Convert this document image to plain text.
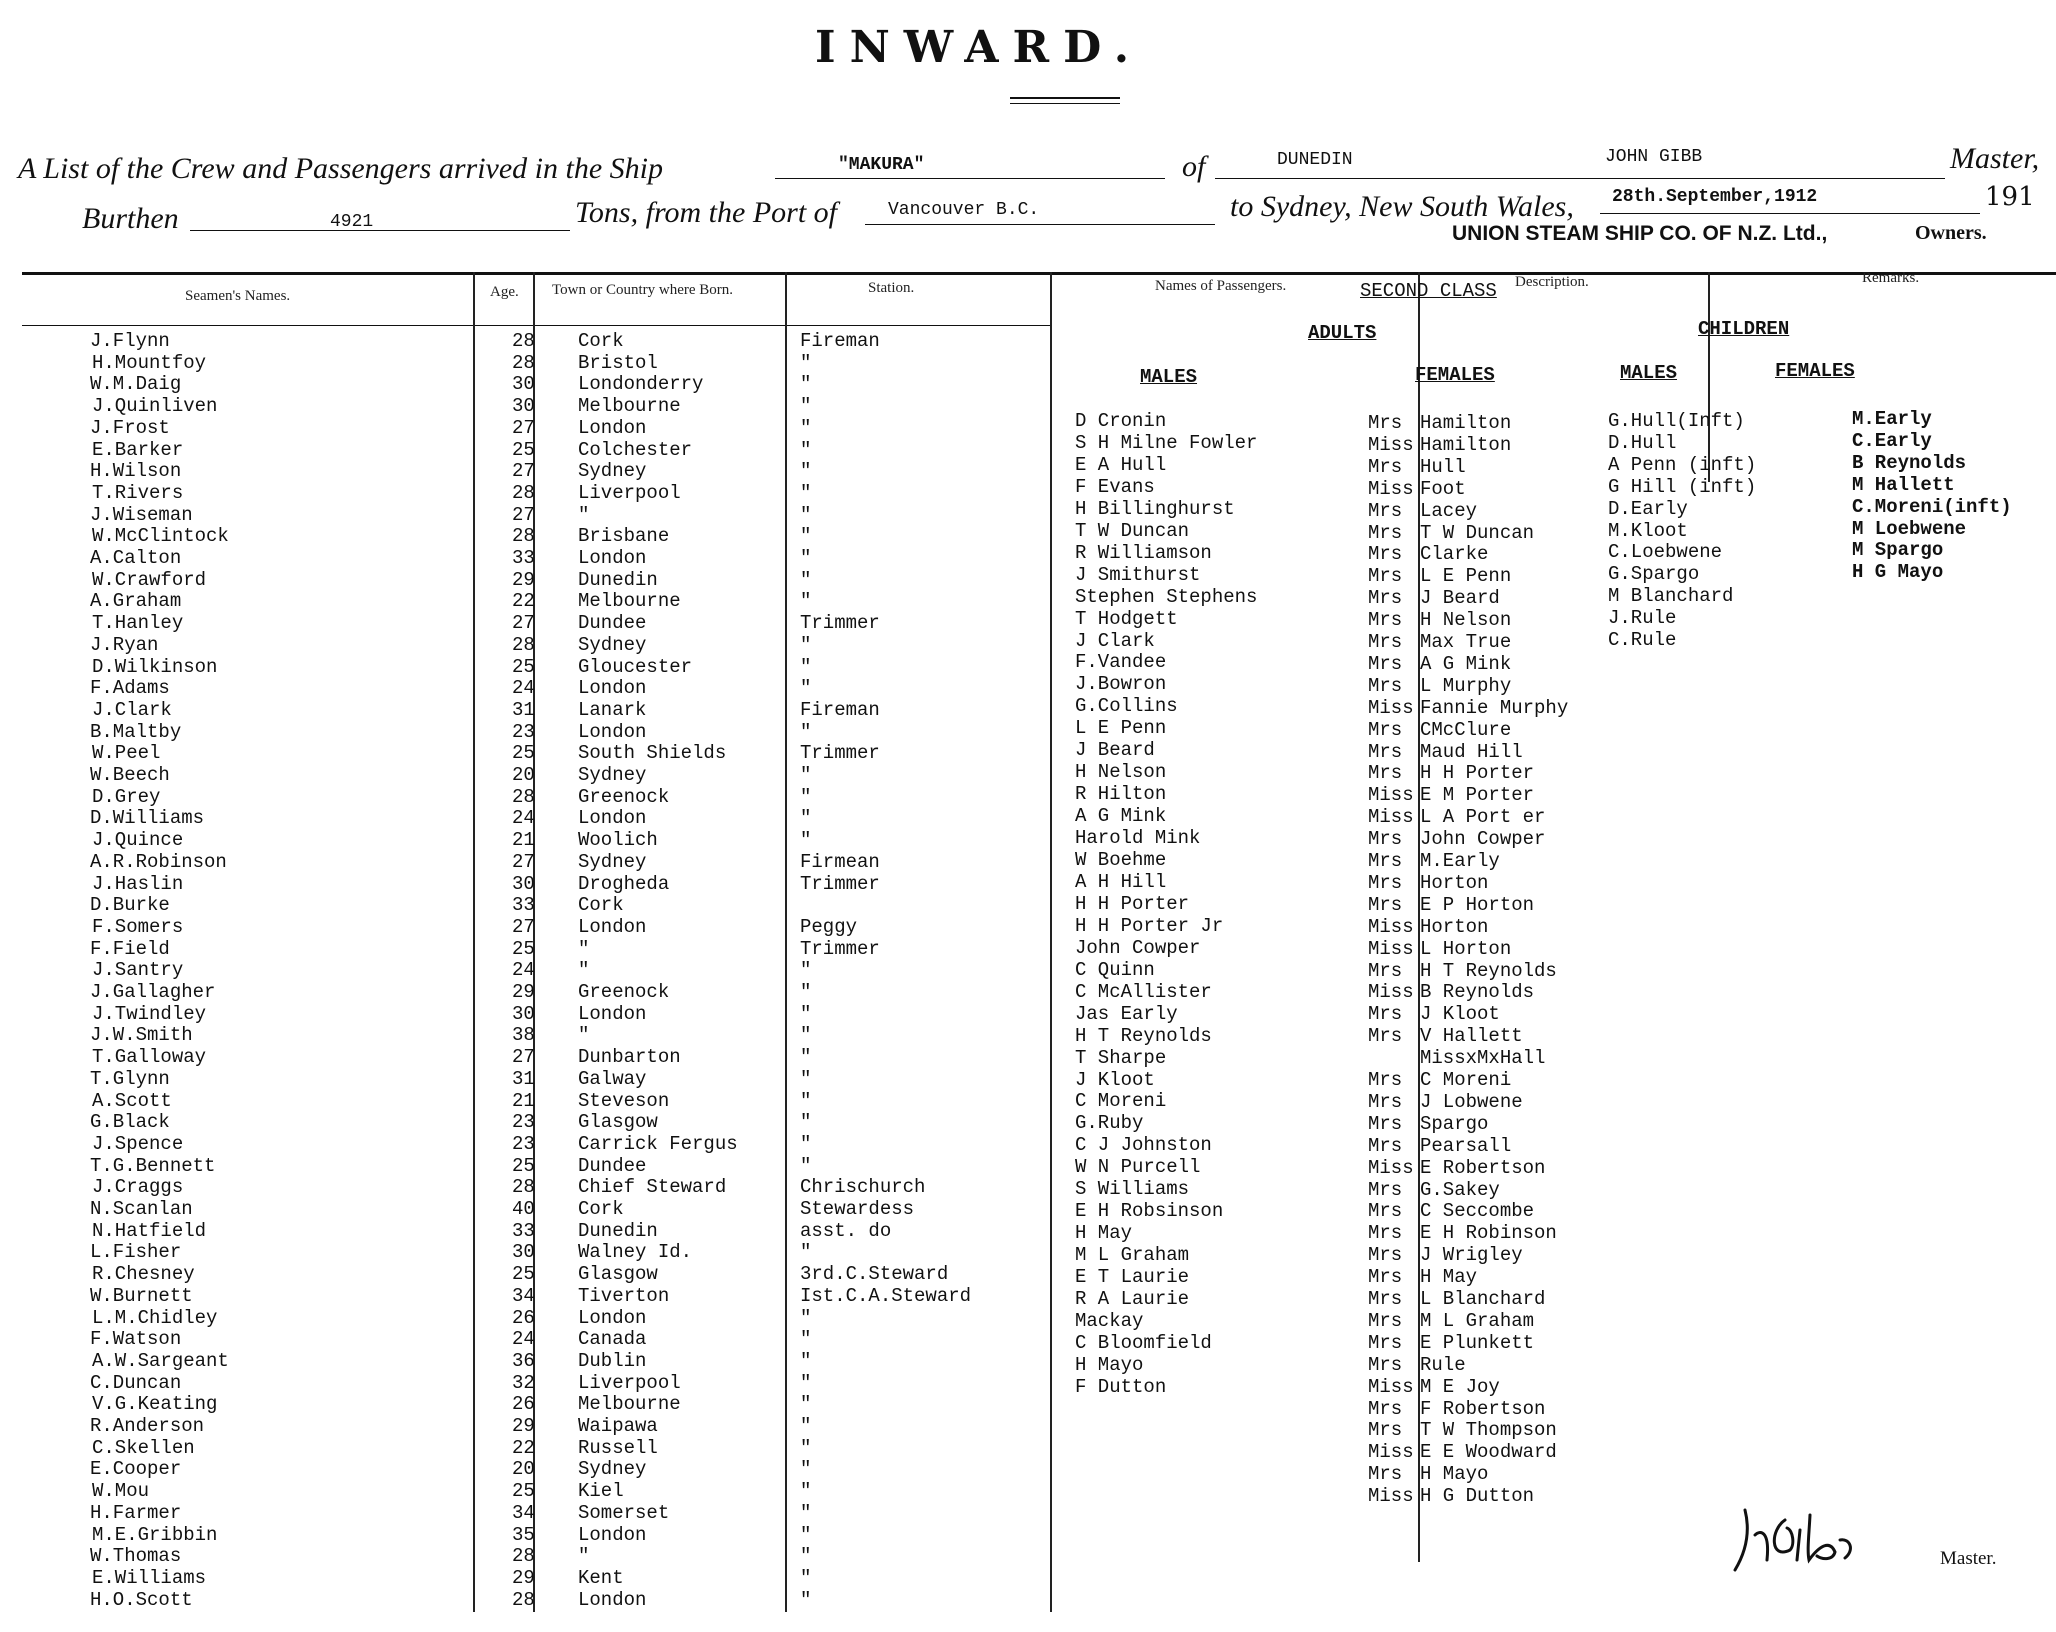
INWARD.
A List of the Crew and Passengers arrived in the Ship	"MAKURA"	of	DUNEDIN	JOHN GIBB	Master,
Burthen	4921	Tons, from the Port of	Vancouver B.C.	to Sydney, New South Wales, 28th.September,1912	191
UNION STEAM SHIP CO. OF N.Z. Ltd.,	Owners.
Seamen's Names.	Age. Town or Country where Born.	Station.	Names of Passengers.	SECOND CLASS Description.	Remarks.
J.Flynn	28 Cork	Fireman
H.Mountfoy	28 Bristol	"
W.M.Daig	30 Londonderry	"
J.Quinliven	30 Melbourne	"
J.Frost	27 London	"
E.Barker	25 Colchester	"
H.Wilson	27 Sydney	"
T.Rivers	28 Liverpool	"
J.Wiseman	27 "	"
W.McClintock	28 Brisbane	"
A.Calton	33 London	"
W.Crawford	29 Dunedin	"
A.Graham	22 Melbourne	"
T.Hanley	27 Dundee	Trimmer
J.Ryan	28 Sydney	"
D.Wilkinson	25 Gloucester	"
F.Adams	24 London	"
J.Clark	31 Lanark	Fireman
B.Maltby	23 London	"
W.Peel	25 South Shields	Trimmer
W.Beech	20 Sydney	"
D.Grey	28 Greenock	"
D.Williams	24 London	"
J.Quince	21 Woolich	"
A.R.Robinson	27 Sydney	Firmean
J.Haslin	30 Drogheda	Trimmer
D.Burke	33 Cork
F.Somers	27 London	Peggy
F.Field	25 "	Trimmer
J.Santry	24 "	"
J.Gallagher	29 Greenock	"
J.Twindley	30 London	"
J.W.Smith	38 "	"
T.Galloway	27 Dunbarton	"
T.Glynn	31 Galway	"
A.Scott	21 Steveson	"
G.Black	23 Glasgow	"
J.Spence	23 Carrick Fergus	"
T.G.Bennett	25 Dundee	"
J.Craggs	28 Chief Steward	Chrischurch
N.Scanlan	40 Cork	Stewardess
N.Hatfield	33 Dunedin	asst. do
L.Fisher	30 Walney Id.	"
R.Chesney	25 Glasgow	3rd.C.Steward
W.Burnett	34 Tiverton	Ist.C.A.Steward
L.M.Chidley	26 London	"
F.Watson	24 Canada	"
A.W.Sargeant	36 Dublin	"
C.Duncan	32 Liverpool	"
V.G.Keating	26 Melbourne	"
R.Anderson	29 Waipawa	"
C.Skellen	22 Russell	"
E.Cooper	20 Sydney	"
W.Mou	25 Kiel	"
H.Farmer	34 Somerset	"
M.E.Gribbin	35 London	"
W.Thomas	28 "	"
E.Williams	29 Kent	"
H.O.Scott	28 London	"
ADULTS	CHILDREN
MALES	FEMALES	MALES	FEMALES
D Cronin
S H Milne Fowler
E A Hull
F Evans
H Billinghurst
T W Duncan
R Williamson
J Smithurst
Stephen Stephens
T Hodgett
J Clark
F.Vandee
J.Bowron
G.Collins
L E Penn
J Beard
H Nelson
R Hilton
A G Mink
Harold Mink
W Boehme
A H Hill
H H Porter
H H Porter Jr
John Cowper
C Quinn
C McAllister
Jas Early
H T Reynolds
T Sharpe
J Kloot
C Moreni
G.Ruby
C J Johnston
W N Purcell
S Williams
E H Robsinson
H May
M L Graham
E T Laurie
R A Laurie
Mackay
C Bloomfield
H Mayo
F Dutton
Mrs Hamilton
Miss Hamilton
Mrs Hull
Miss Foot
Mrs Lacey
Mrs T W Duncan
Mrs Clarke
Mrs L E Penn
Mrs J Beard
Mrs H Nelson
Mrs Max True
Mrs A G Mink
Mrs L Murphy
Miss Fannie Murphy
Mrs CMcClure
Mrs Maud Hill
Mrs H H Porter
Miss E M Porter
Miss L A Port er
Mrs John Cowper
Mrs M.Early
Mrs Horton
Mrs E P Horton
Miss Horton
Miss L Horton
Mrs H T Reynolds
Miss B Reynolds
Mrs J Kloot
Mrs V Hallett
MissxMxHall
Mrs C Moreni
Mrs J Lobwene
Mrs Spargo
Mrs Pearsall
Miss E Robertson
Mrs G.Sakey
Mrs C Seccombe
Mrs E H Robinson
Mrs J Wrigley
Mrs H May
Mrs L Blanchard
Mrs M L Graham
Mrs E Plunkett
Mrs Rule
Miss M E Joy
Mrs F Robertson
Mrs T W Thompson
Miss E E Woodward
Mrs H Mayo
Miss H G Dutton
G.Hull(Inft)
D.Hull
A Penn (inft)
G Hill (inft)
D.Early
M.Kloot
C.Loebwene
G.Spargo
M Blanchard
J.Rule
C.Rule
M.Early
C.Early
B Reynolds
M Hallett
C.Moreni(inft)
M Loebwene
M Spargo
H G Mayo
Master.
